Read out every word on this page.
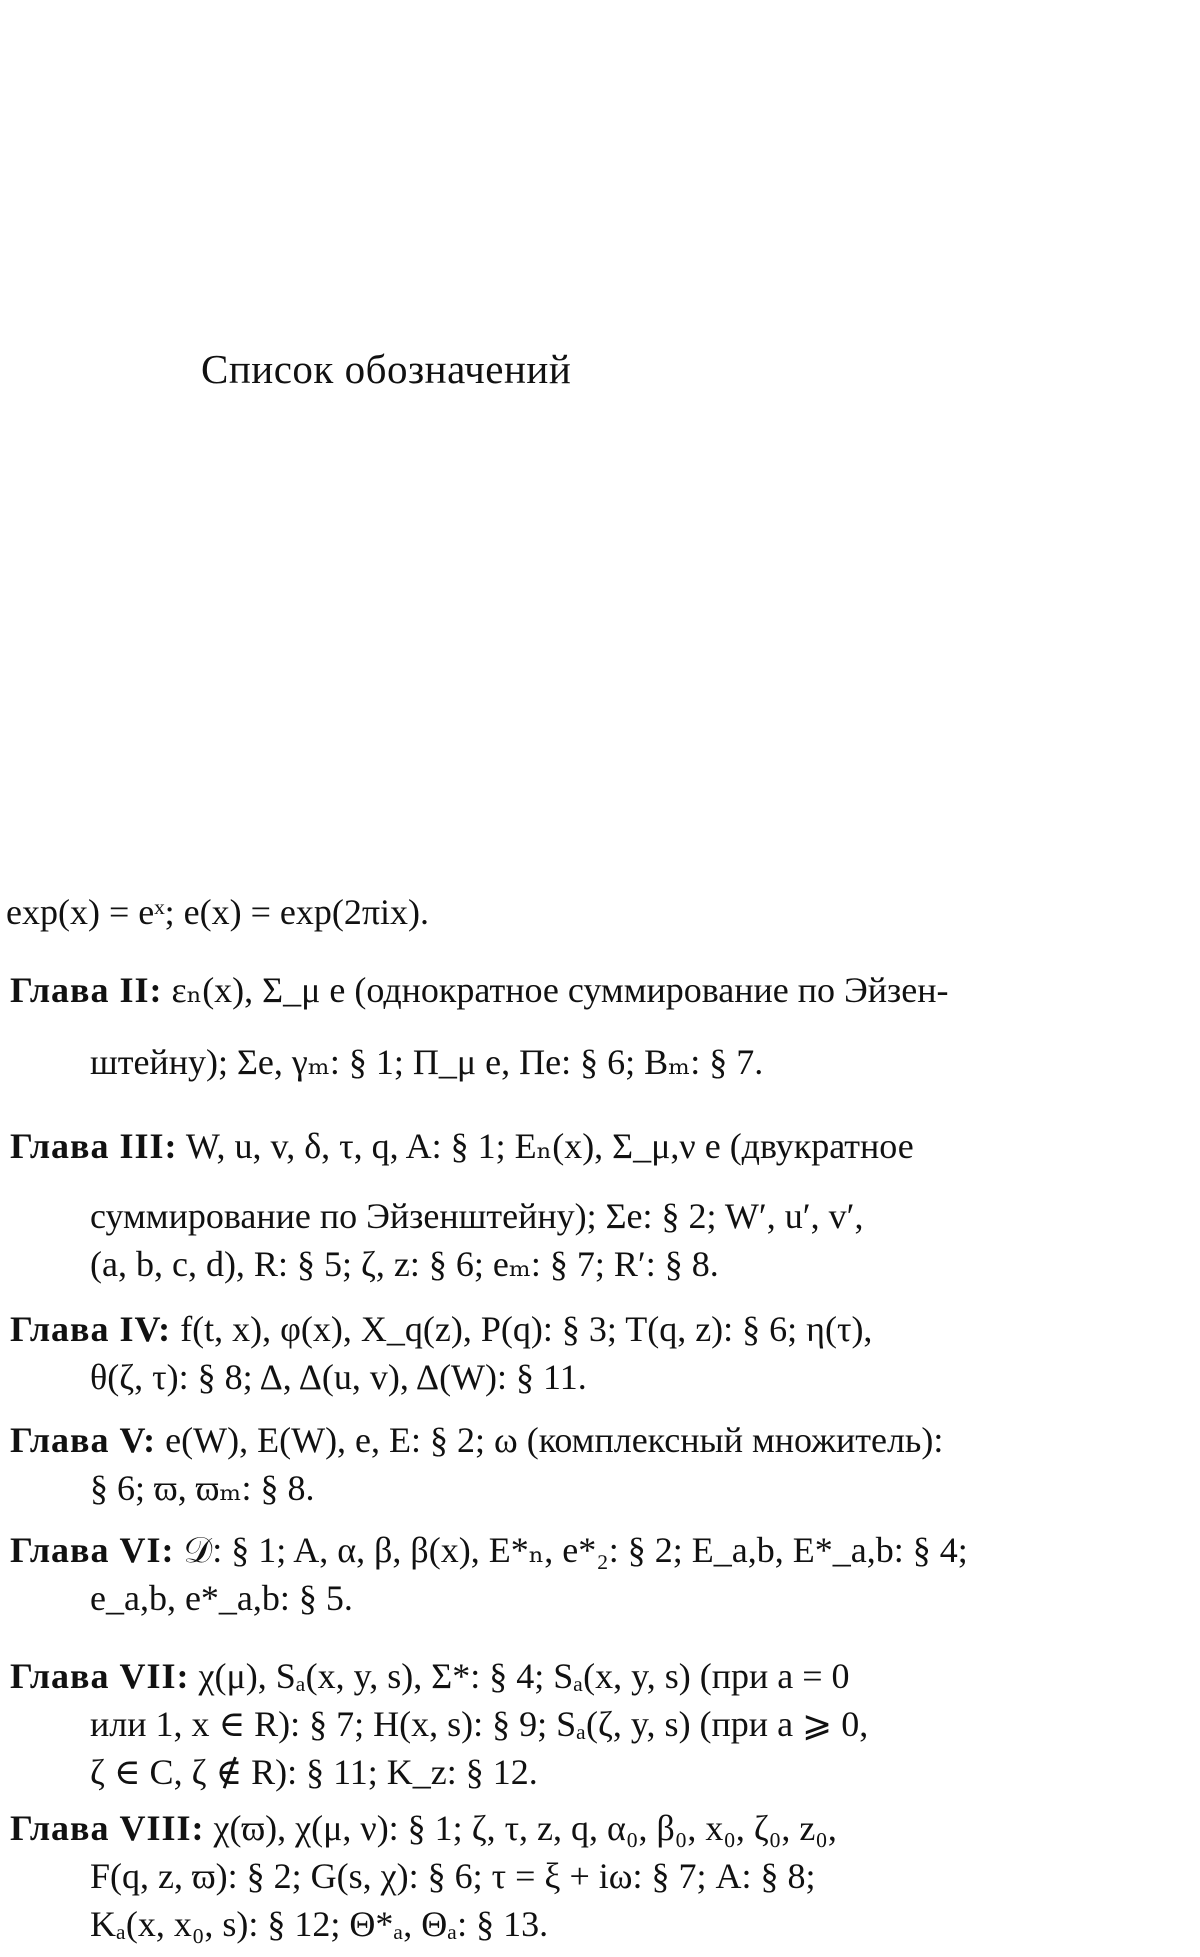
Список обозначений
exp(x) = eˣ; e(x) = exp(2πix).
Глава II: εₙ(x), Σ_μ e (однократное суммирование по Эйзен-
штейну); Σe, γₘ: § 1; Π_μ e, Πe: § 6; Bₘ: § 7.
Глава III: W, u, v, δ, τ, q, A: § 1; Eₙ(x), Σ_μ,ν e (двукратное
суммирование по Эйзенштейну); Σe: § 2; W′, u′, v′,
(a, b, c, d), R: § 5; ζ, z: § 6; eₘ: § 7; R′: § 8.
Глава IV: f(t, x), φ(x), X_q(z), P(q): § 3; T(q, z): § 6; η(τ),
θ(ζ, τ): § 8; Δ, Δ(u, v), Δ(W): § 11.
Глава V: e(W), E(W), e, E: § 2; ω (комплексный множитель):
§ 6; ϖ, ϖₘ: § 8.
Глава VI: 𝒟: § 1; A, α, β, β(x), E*ₙ, e*₂: § 2; E_a,b, E*_a,b: § 4;
e_a,b, e*_a,b: § 5.
Глава VII: χ(μ), Sₐ(x, y, s), Σ*: § 4; Sₐ(x, y, s) (при a = 0
или 1, x ∈ R): § 7; H(x, s): § 9; Sₐ(ζ, y, s) (при a ⩾ 0,
ζ ∈ C, ζ ∉ R): § 11; K_z: § 12.
Глава VIII: χ(ϖ), χ(μ, ν): § 1; ζ, τ, z, q, α₀, β₀, x₀, ζ₀, z₀,
F(q, z, ϖ): § 2; G(s, χ): § 6; τ = ξ + iω: § 7; A: § 8;
Kₐ(x, x₀, s): § 12; Θ*ₐ, Θₐ: § 13.
